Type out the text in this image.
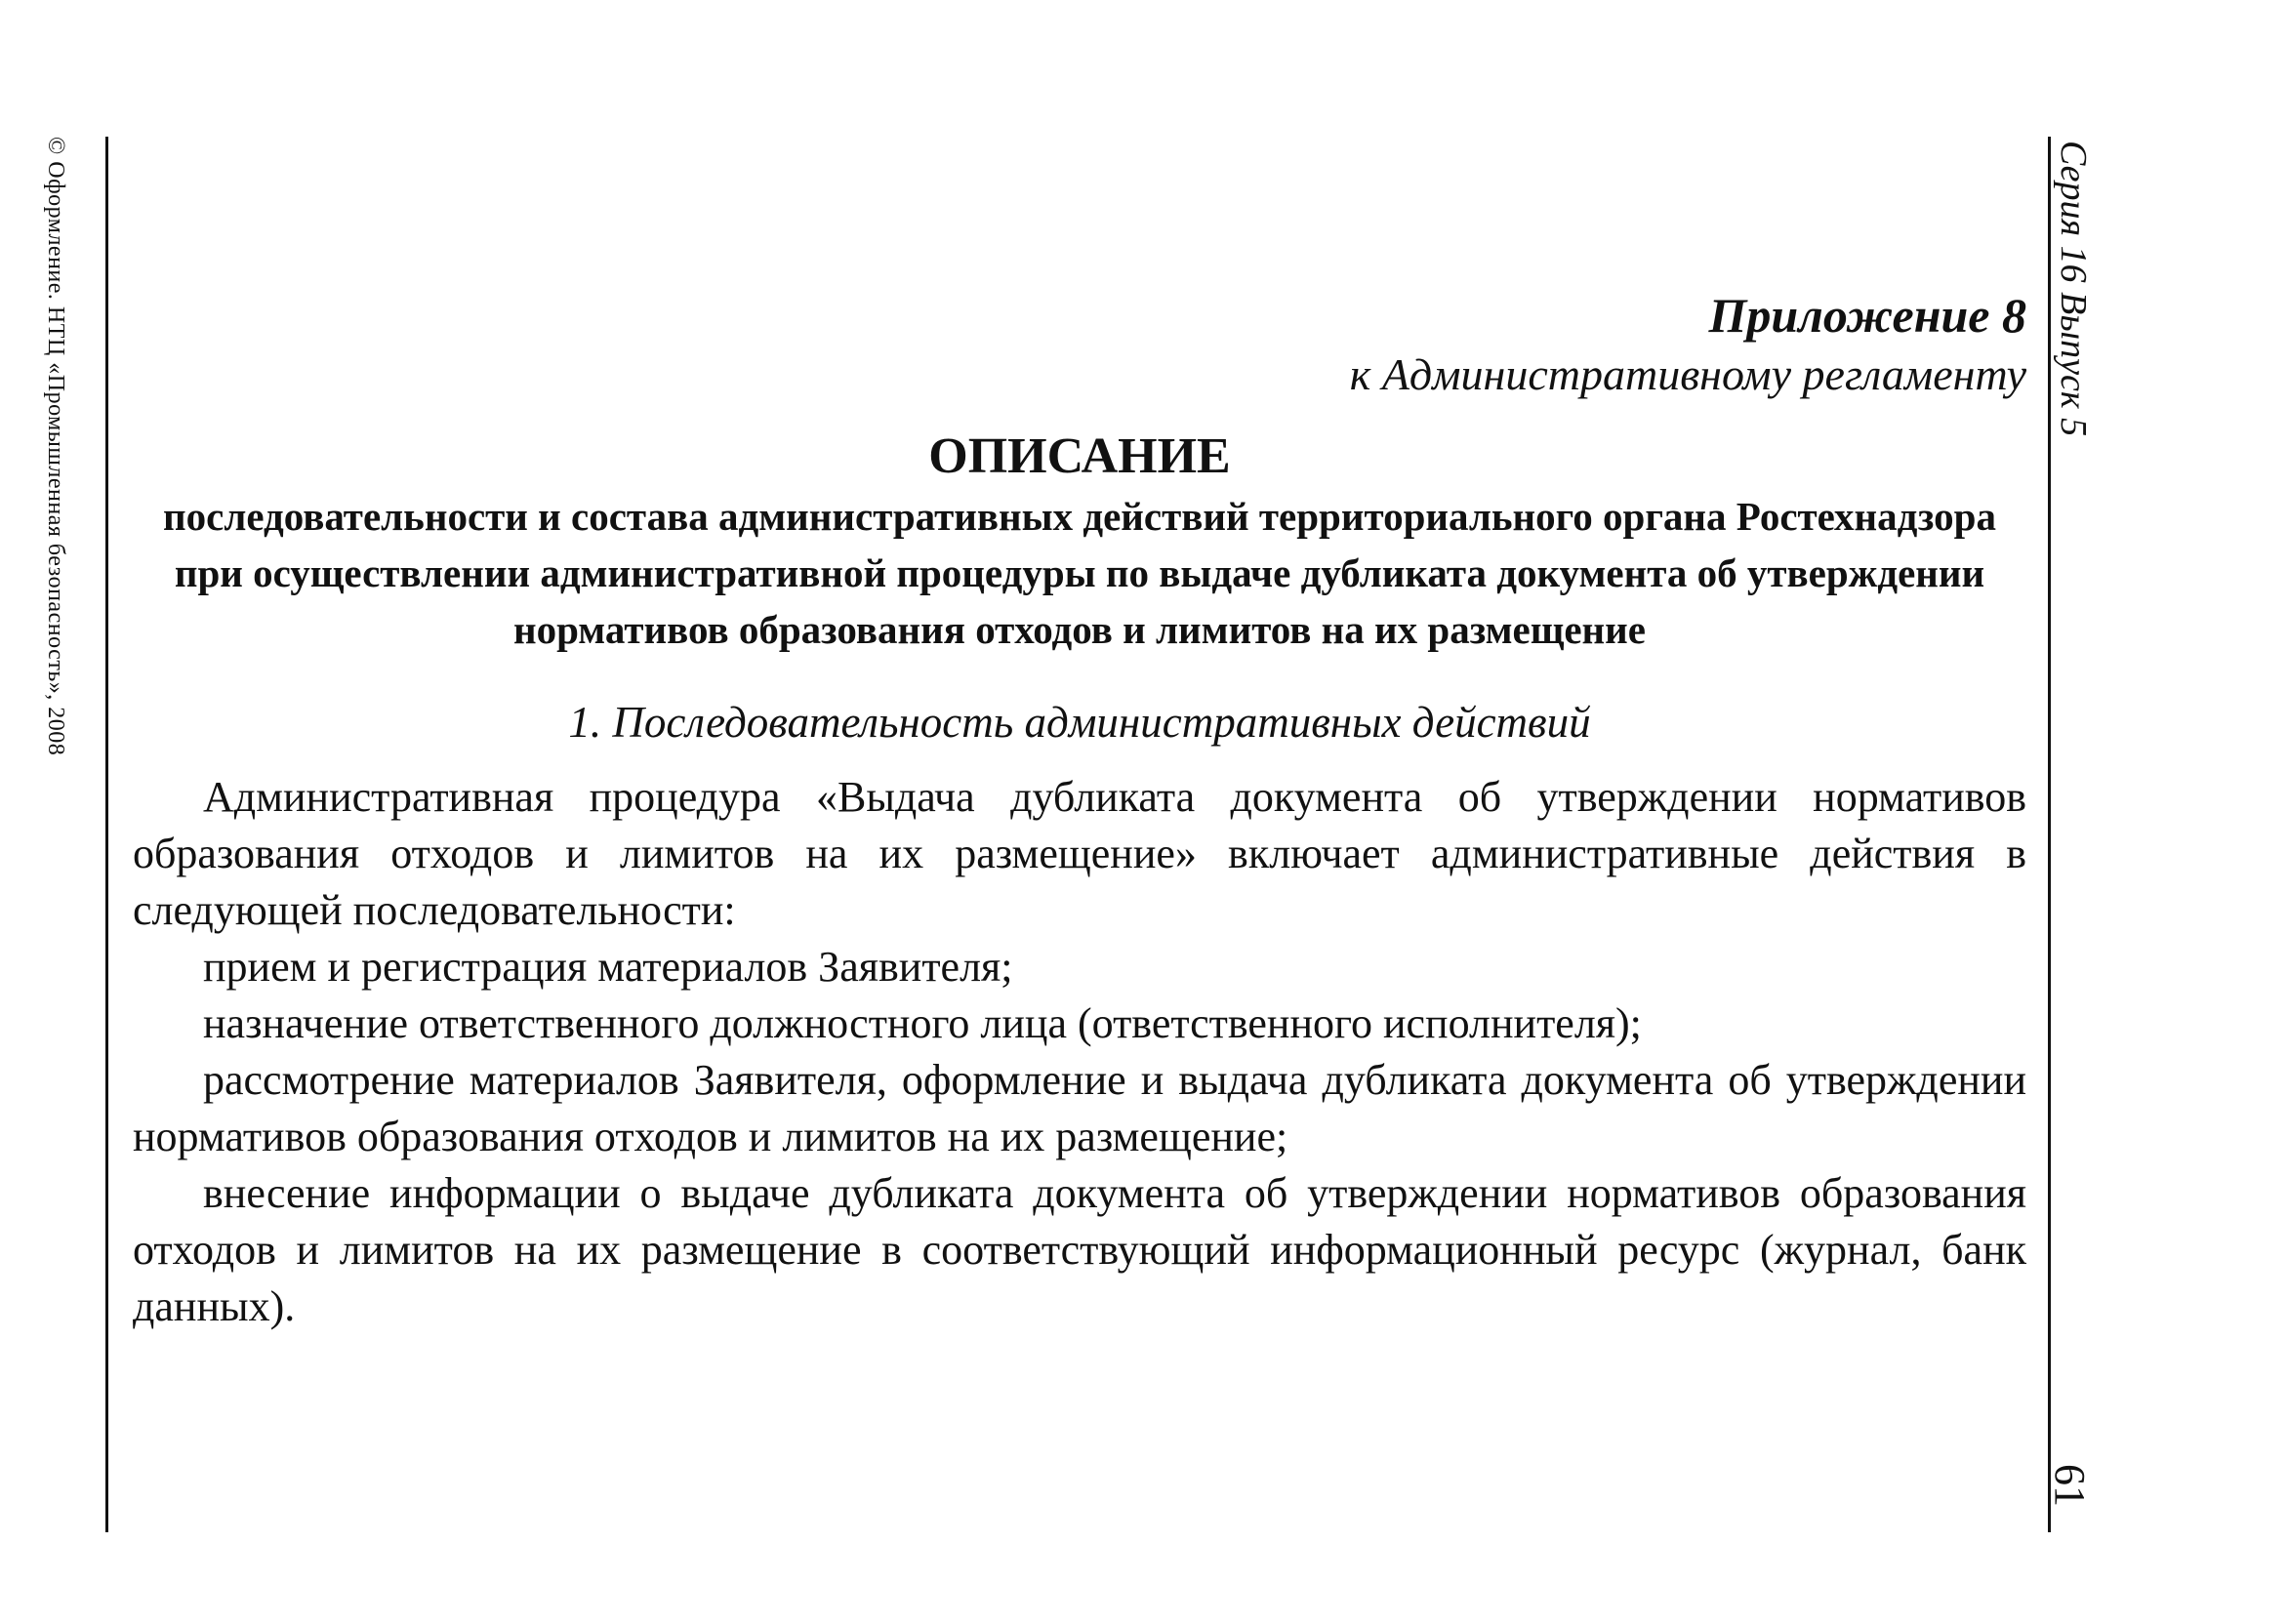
© Оформление. НТЦ «Промышленная безопасность», 2008	Серия 16 Выпуск 5
61

Приложение 8

к Административному регламенту

ОПИСАНИЕ

последовательности и состава административных действий территориального органа Ростехнадзора при осуществлении административной процедуры по выдаче дубликата документа об утверждении нормативов образования отходов и лимитов на их размещение

1. Последовательность административных действий

Административная процедура «Выдача дубликата документа об утверждении нормативов образования отходов и лимитов на их размещение» включает административные действия в следующей последовательности:

прием и регистрация материалов Заявителя;

назначение ответственного должностного лица (ответственного исполнителя);

рассмотрение материалов Заявителя, оформление и выдача дубликата документа об утверждении нормативов образования отходов и лимитов на их размещение;

внесение информации о выдаче дубликата документа об утверждении нормативов образования отходов и лимитов на их размещение в соответствующий информационный ресурс (журнал, банк данных).
